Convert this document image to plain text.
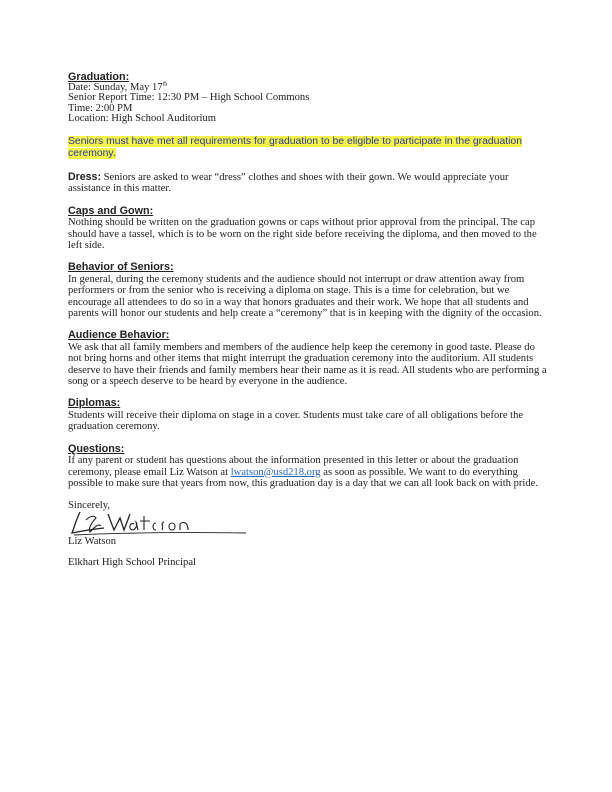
Graduation:
Date: Sunday, May 17th
Senior Report Time: 12:30 PM – High School Commons
Time: 2:00 PM
Location: High School Auditorium
Seniors must have met all requirements for graduation to be eligible to participate in the graduation ceremony.
Dress: Seniors are asked to wear “dress” clothes and shoes with their gown. We would appreciate your assistance in this matter.
Caps and Gown:
Nothing should be written on the graduation gowns or caps without prior approval from the principal. The cap should have a tassel, which is to be worn on the right side before receiving the diploma, and then moved to the left side.
Behavior of Seniors:
In general, during the ceremony students and the audience should not interrupt or draw attention away from performers or from the senior who is receiving a diploma on stage. This is a time for celebration, but we encourage all attendees to do so in a way that honors graduates and their work. We hope that all students and parents will honor our students and help create a “ceremony” that is in keeping with the dignity of the occasion.
Audience Behavior:
We ask that all family members and members of the audience help keep the ceremony in good taste. Please do not bring horns and other items that might interrupt the graduation ceremony into the auditorium. All students deserve to have their friends and family members hear their name as it is read. All students who are performing a song or a speech deserve to be heard by everyone in the audience.
Diplomas:
Students will receive their diploma on stage in a cover. Students must take care of all obligations before the graduation ceremony.
Questions:
If any parent or student has questions about the information presented in this letter or about the graduation ceremony, please email Liz Watson at lwatson@usd218.org as soon as possible. We want to do everything possible to make sure that years from now, this graduation day is a day that we can all look back on with pride.
Sincerely,
Liz Watson
Elkhart High School Principal
